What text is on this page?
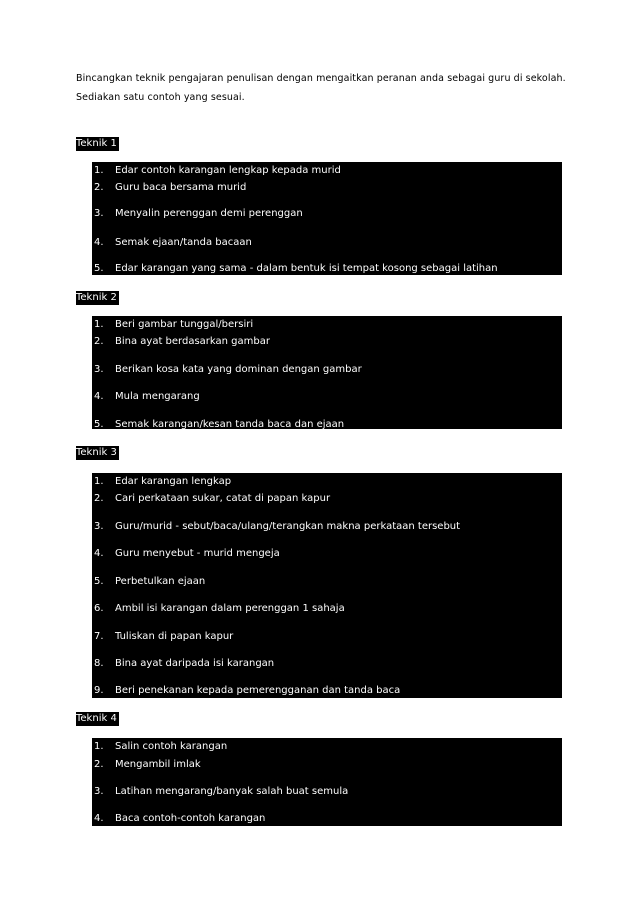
Bincangkan teknik pengajaran penulisan dengan mengaitkan peranan anda sebagai guru di sekolah.
Sediakan satu contoh yang sesuai.
Teknik 1
1. Edar contoh karangan lengkap kepada murid
2. Guru baca bersama murid
3. Menyalin perenggan demi perenggan
4. Semak ejaan/tanda bacaan
5. Edar karangan yang sama - dalam bentuk isi tempat kosong sebagai latihan
Teknik 2
1. Beri gambar tunggal/bersiri
2. Bina ayat berdasarkan gambar
3. Berikan kosa kata yang dominan dengan gambar
4. Mula mengarang
5. Semak karangan/kesan tanda baca dan ejaan
Teknik 3
1. Edar karangan lengkap
2. Cari perkataan sukar, catat di papan kapur
3. Guru/murid - sebut/baca/ulang/terangkan makna perkataan tersebut
4. Guru menyebut - murid mengeja
5. Perbetulkan ejaan
6. Ambil isi karangan dalam perenggan 1 sahaja
7. Tuliskan di papan kapur
8. Bina ayat daripada isi karangan
9. Beri penekanan kepada pemerengganan dan tanda baca
Teknik 4
1. Salin contoh karangan
2. Mengambil imlak
3. Latihan mengarang/banyak salah buat semula
4. Baca contoh-contoh karangan
